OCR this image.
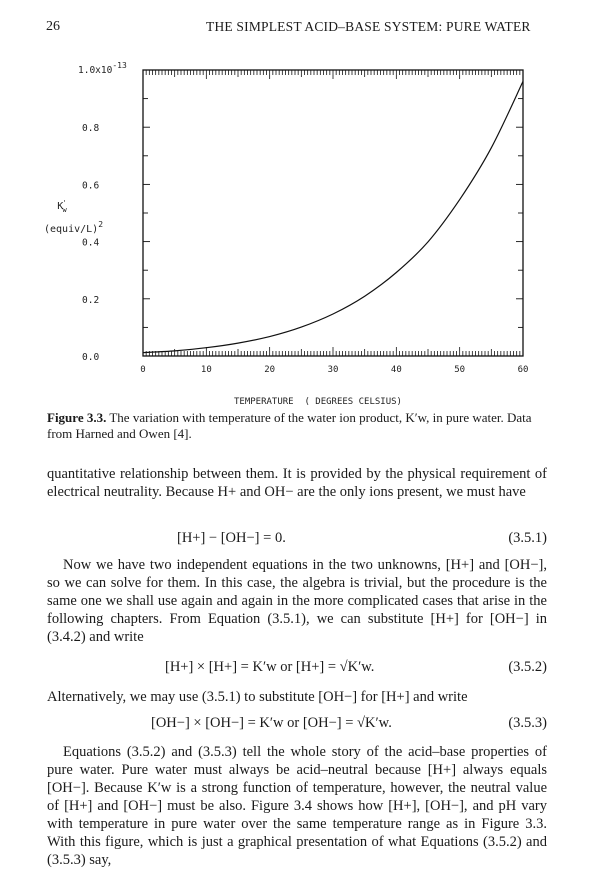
26	THE SIMPLEST ACID–BASE SYSTEM: PURE WATER
0	10	20	30	40	50	60
0.0
0.2
0.4
0.6
0.8
$1.0x10^{-13}$
K' w
(equiv/L)$^2$
TEMPERATURE  ( DEGREES CELSIUS)
Figure 3.3. The variation with temperature of the water ion product, K′w, in pure water. Data from Harned and Owen [4].
quantitative relationship between them. It is provided by the physical requirement of electrical neutrality. Because H+ and OH− are the only ions present, we must have
[H+] − [OH−] = 0.	(3.5.1)
Now we have two independent equations in the two unknowns, [H+] and [OH−], so we can solve for them. In this case, the algebra is trivial, but the procedure is the same one we shall use again and again in the more complicated cases that arise in the following chapters. From Equation (3.5.1), we can substitute [H+] for [OH−] in (3.4.2) and write
[H+] × [H+] = K′w or [H+] = √K′w.	(3.5.2)
Alternatively, we may use (3.5.1) to substitute [OH−] for [H+] and write
[OH−] × [OH−] = K′w or [OH−] = √K′w.	(3.5.3)
Equations (3.5.2) and (3.5.3) tell the whole story of the acid–base properties of pure water. Pure water must always be acid–neutral because [H+] always equals [OH−]. Because K′w is a strong function of temperature, however, the neutral value of [H+] and [OH−] must be also. Figure 3.4 shows how [H+], [OH−], and pH vary with temperature in pure water over the same temperature range as in Figure 3.3. With this figure, which is just a graphical presentation of what Equations (3.5.2) and (3.5.3) say,
